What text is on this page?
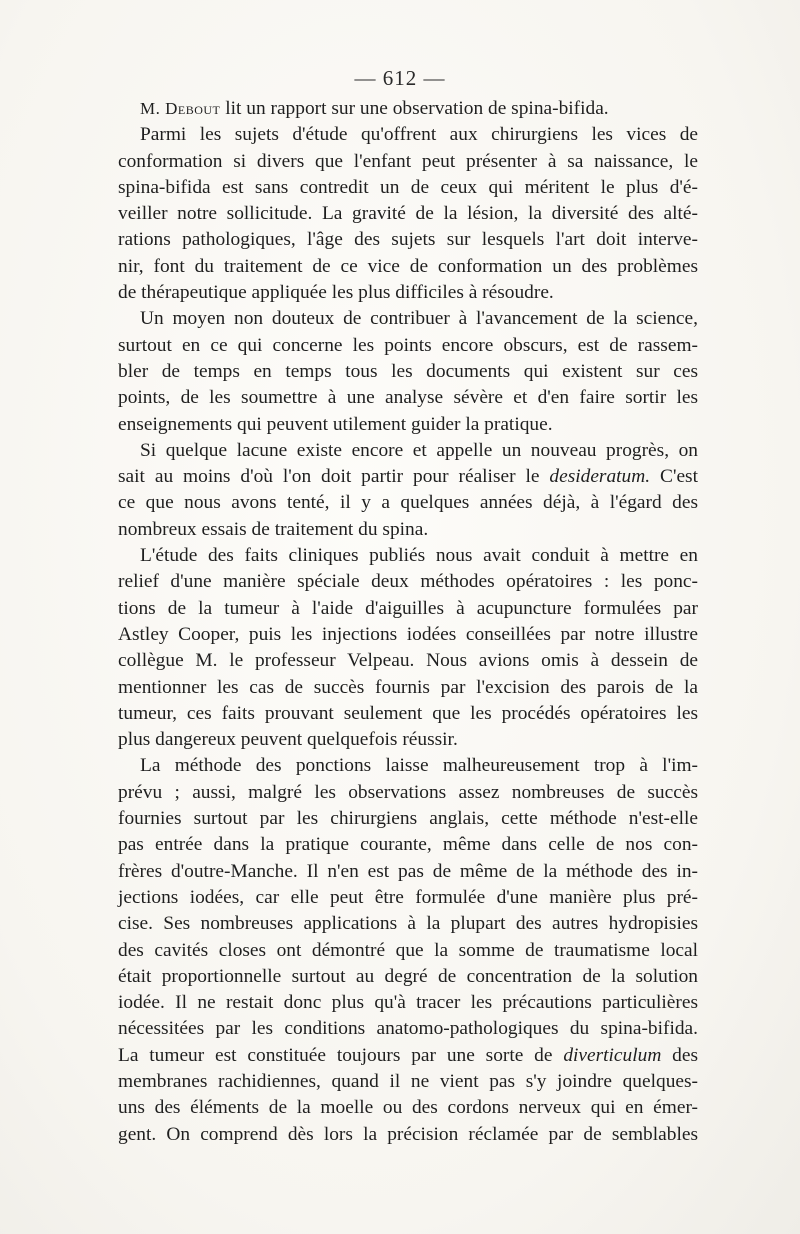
— 612 —
M. Debout lit un rapport sur une observation de spina-bifida.
Parmi les sujets d'étude qu'offrent aux chirurgiens les vices de
conformation si divers que l'enfant peut présenter à sa naissance, le
spina-bifida est sans contredit un de ceux qui méritent le plus d'é-
veiller notre sollicitude. La gravité de la lésion, la diversité des alté-
rations pathologiques, l'âge des sujets sur lesquels l'art doit interve-
nir, font du traitement de ce vice de conformation un des problèmes
de thérapeutique appliquée les plus difficiles à résoudre.
Un moyen non douteux de contribuer à l'avancement de la science,
surtout en ce qui concerne les points encore obscurs, est de rassem-
bler de temps en temps tous les documents qui existent sur ces
points, de les soumettre à une analyse sévère et d'en faire sortir les
enseignements qui peuvent utilement guider la pratique.
Si quelque lacune existe encore et appelle un nouveau progrès, on
sait au moins d'où l'on doit partir pour réaliser le desideratum. C'est
ce que nous avons tenté, il y a quelques années déjà, à l'égard des
nombreux essais de traitement du spina.
L'étude des faits cliniques publiés nous avait conduit à mettre en
relief d'une manière spéciale deux méthodes opératoires : les ponc-
tions de la tumeur à l'aide d'aiguilles à acupuncture formulées par
Astley Cooper, puis les injections iodées conseillées par notre illustre
collègue M. le professeur Velpeau. Nous avions omis à dessein de
mentionner les cas de succès fournis par l'excision des parois de la
tumeur, ces faits prouvant seulement que les procédés opératoires les
plus dangereux peuvent quelquefois réussir.
La méthode des ponctions laisse malheureusement trop à l'im-
prévu ; aussi, malgré les observations assez nombreuses de succès
fournies surtout par les chirurgiens anglais, cette méthode n'est-elle
pas entrée dans la pratique courante, même dans celle de nos con-
frères d'outre-Manche. Il n'en est pas de même de la méthode des in-
jections iodées, car elle peut être formulée d'une manière plus pré-
cise. Ses nombreuses applications à la plupart des autres hydropisies
des cavités closes ont démontré que la somme de traumatisme local
était proportionnelle surtout au degré de concentration de la solution
iodée. Il ne restait donc plus qu'à tracer les précautions particulières
nécessitées par les conditions anatomo-pathologiques du spina-bifida.
La tumeur est constituée toujours par une sorte de diverticulum des
membranes rachidiennes, quand il ne vient pas s'y joindre quelques-
uns des éléments de la moelle ou des cordons nerveux qui en émer-
gent. On comprend dès lors la précision réclamée par de semblables
